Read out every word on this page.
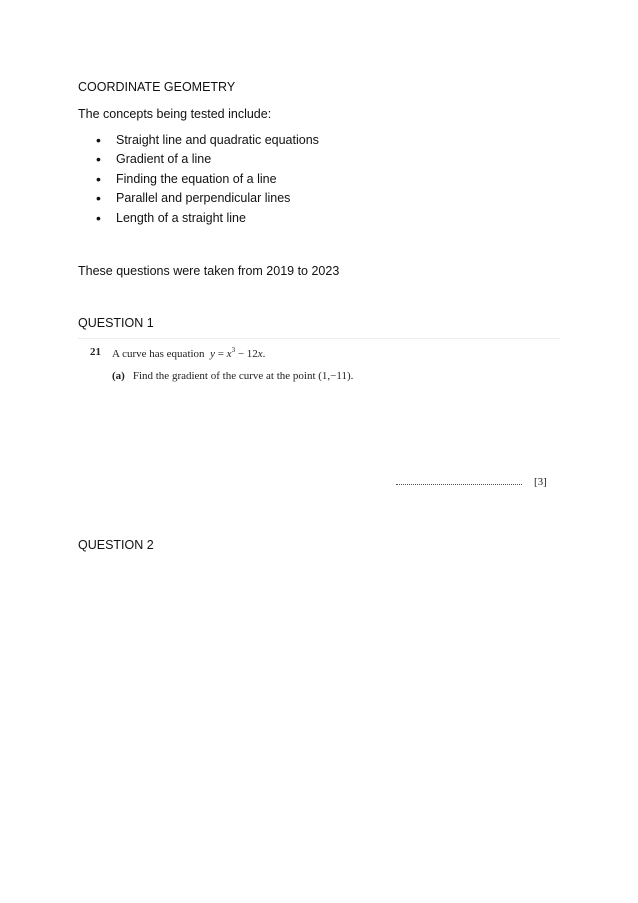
COORDINATE GEOMETRY

The concepts being tested include:

• Straight line and quadratic equations
• Gradient of a line
• Finding the equation of a line
• Parallel and perpendicular lines
• Length of a straight line

These questions were taken from 2019 to 2023

QUESTION 1

21 A curve has equation $y = x^3 - 12x$.
(a) Find the gradient of the curve at the point (1,−11).
[3]

QUESTION 2
